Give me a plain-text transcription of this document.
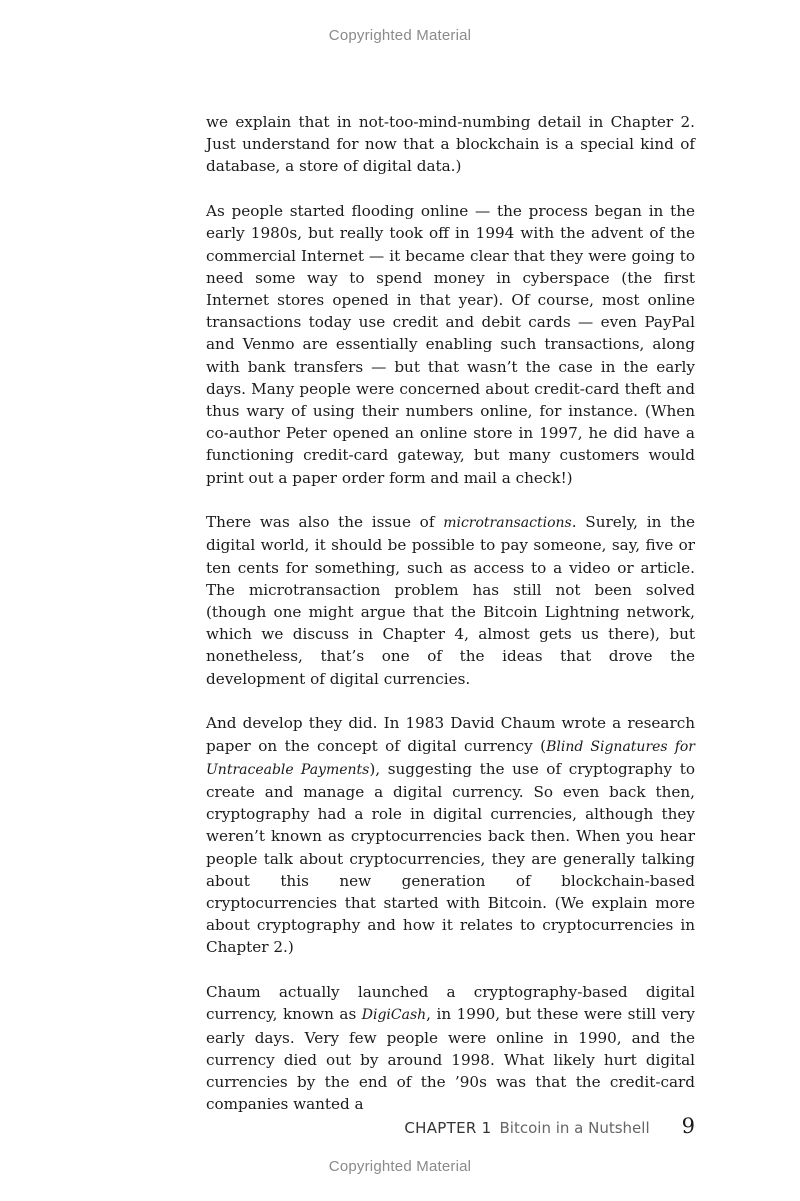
Copyrighted Material

we explain that in not-too-mind-numbing detail in Chapter 2. Just understand for now that a blockchain is a special kind of database, a store of digital data.)

As people started flooding online — the process began in the early 1980s, but really took off in 1994 with the advent of the commercial Internet — it became clear that they were going to need some way to spend money in cyberspace (the first Internet stores opened in that year). Of course, most online transactions today use credit and debit cards — even PayPal and Venmo are essentially enabling such transactions, along with bank transfers — but that wasn’t the case in the early days. Many people were concerned about credit-card theft and thus wary of using their numbers online, for instance. (When co-author Peter opened an online store in 1997, he did have a functioning credit-card gateway, but many customers would print out a paper order form and mail a check!)

There was also the issue of microtransactions. Surely, in the digital world, it should be possible to pay someone, say, five or ten cents for something, such as access to a video or article. The microtransaction problem has still not been solved (though one might argue that the Bitcoin Lightning network, which we discuss in Chapter 4, almost gets us there), but nonetheless, that’s one of the ideas that drove the development of digital currencies.

And develop they did. In 1983 David Chaum wrote a research paper on the concept of digital currency (Blind Signatures for Untraceable Payments), suggesting the use of cryptography to create and manage a digital currency. So even back then, cryptography had a role in digital currencies, although they weren’t known as cryptocurrencies back then. When you hear people talk about cryptocurrencies, they are generally talking about this new generation of blockchain-based cryptocurrencies that started with Bitcoin. (We explain more about cryptography and how it relates to cryptocurrencies in Chapter 2.)

Chaum actually launched a cryptography-based digital currency, known as DigiCash, in 1990, but these were still very early days. Very few people were online in 1990, and the currency died out by around 1998. What likely hurt digital currencies by the end of the ’90s was that the credit-card companies wanted a

CHAPTER 1 Bitcoin in a Nutshell 9
Copyrighted Material
